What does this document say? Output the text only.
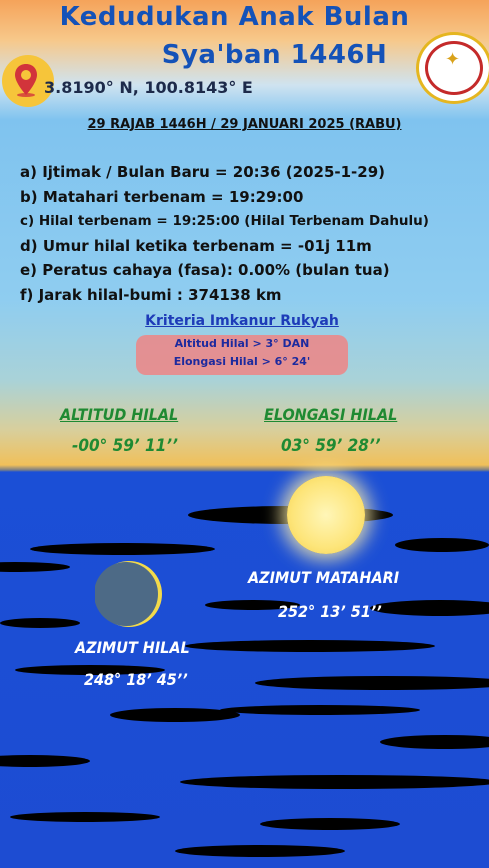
Kedudukan Anak Bulan
Sya'ban 1446H
3.8190° N, 100.8143° E
✦
29 RAJAB 1446H / 29 JANUARI 2025 (RABU)
a) Ijtimak / Bulan Baru = 20:36 (2025-1-29)
b) Matahari terbenam = 19:29:00
c) Hilal terbenam = 19:25:00 (Hilal Terbenam Dahulu)
d) Umur hilal ketika terbenam = -01j 11m
e) Peratus cahaya (fasa): 0.00% (bulan tua)
f) Jarak hilal-bumi : 374138 km
Kriteria Imkanur Rukyah
Altitud Hilal > 3° DAN
Elongasi Hilal > 6° 24'
ALTITUD HILAL
-00° 59’ 11’’
ELONGASI HILAL
03° 59’ 28’’
AZIMUT MATAHARI
252° 13’ 51’’
AZIMUT HILAL
248° 18’ 45’’
